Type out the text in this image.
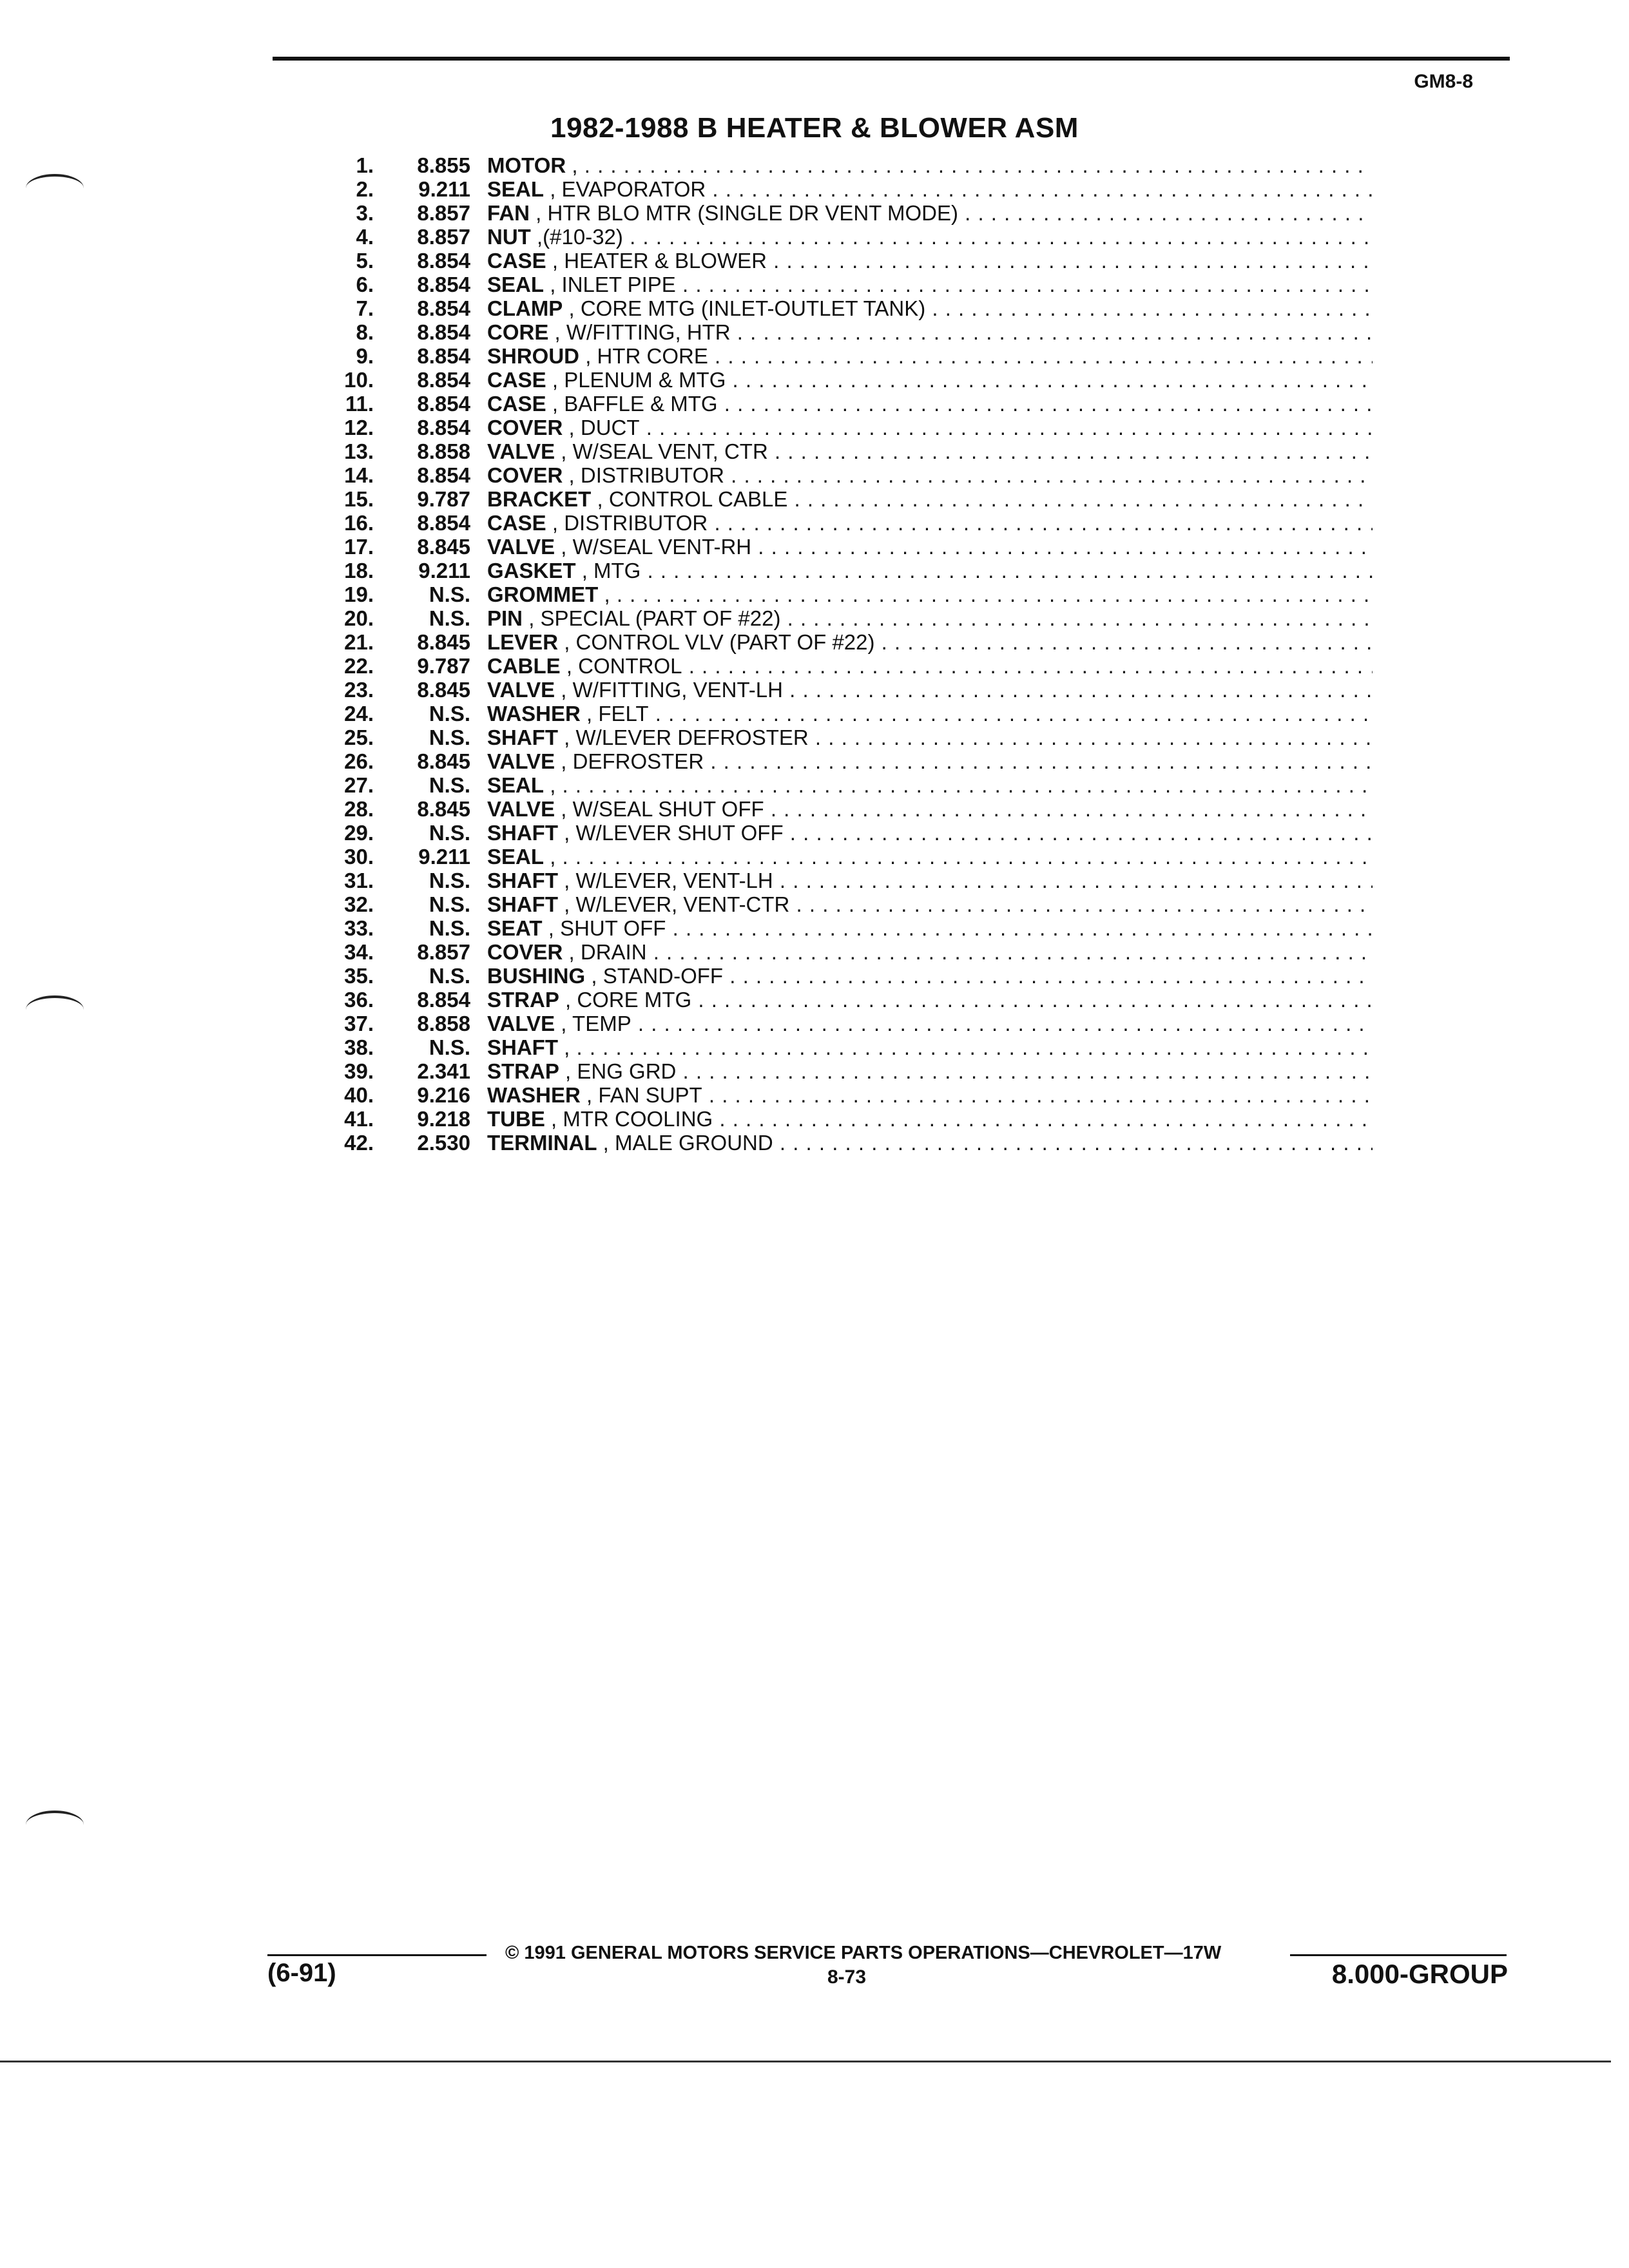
GM8-8
1982-1988 B HEATER & BLOWER ASM
1.	8.855 MOTOR , . . .
2.	9.211 SEAL , EVAPORATOR . . .
3.	8.857 FAN , HTR BLO MTR (SINGLE DR VENT MODE) . . .
4.	8.857 NUT ,(#10-32) . . .
5.	8.854 CASE , HEATER & BLOWER . . .
6.	8.854 SEAL , INLET PIPE . . .
7.	8.854 CLAMP , CORE MTG (INLET-OUTLET TANK) . . .
8.	8.854 CORE , W/FITTING, HTR . . .
9.	8.854 SHROUD , HTR CORE . . .
10.	8.854 CASE , PLENUM & MTG . . .
11.	8.854 CASE , BAFFLE & MTG . . .
12.	8.854 COVER , DUCT . . .
13.	8.858 VALVE , W/SEAL VENT, CTR . . .
14.	8.854 COVER , DISTRIBUTOR . . .
15.	9.787 BRACKET , CONTROL CABLE . . .
16.	8.854 CASE , DISTRIBUTOR . . .
17.	8.845 VALVE , W/SEAL VENT-RH . . .
18.	9.211 GASKET , MTG . . .
19.	N.S. GROMMET , . . .
20.	N.S. PIN , SPECIAL (PART OF #22) . . .
21.	8.845 LEVER , CONTROL VLV (PART OF #22) . . .
22.	9.787 CABLE , CONTROL . . .
23.	8.845 VALVE , W/FITTING, VENT-LH . . .
24.	N.S. WASHER , FELT . . .
25.	N.S. SHAFT , W/LEVER DEFROSTER . . .
26.	8.845 VALVE , DEFROSTER . . .
27.	N.S. SEAL , . . .
28.	8.845 VALVE , W/SEAL SHUT OFF . . .
29.	N.S. SHAFT , W/LEVER SHUT OFF . . .
30.	9.211 SEAL , . . .
31.	N.S. SHAFT , W/LEVER, VENT-LH . . .
32.	N.S. SHAFT , W/LEVER, VENT-CTR . . .
33.	N.S. SEAT , SHUT OFF . . .
34.	8.857 COVER , DRAIN . . .
35.	N.S. BUSHING , STAND-OFF . . .
36.	8.854 STRAP , CORE MTG . . .
37.	8.858 VALVE , TEMP . . .
38.	N.S. SHAFT , . . .
39.	2.341 STRAP , ENG GRD . . .
40.	9.216 WASHER , FAN SUPT . . .
41.	9.218 TUBE , MTR COOLING . . .
42.	2.530 TERMINAL , MALE GROUND . . .
© 1991 GENERAL MOTORS SERVICE PARTS OPERATIONS—CHEVROLET—17W
(6-91)	8-73	8.000-GROUP
